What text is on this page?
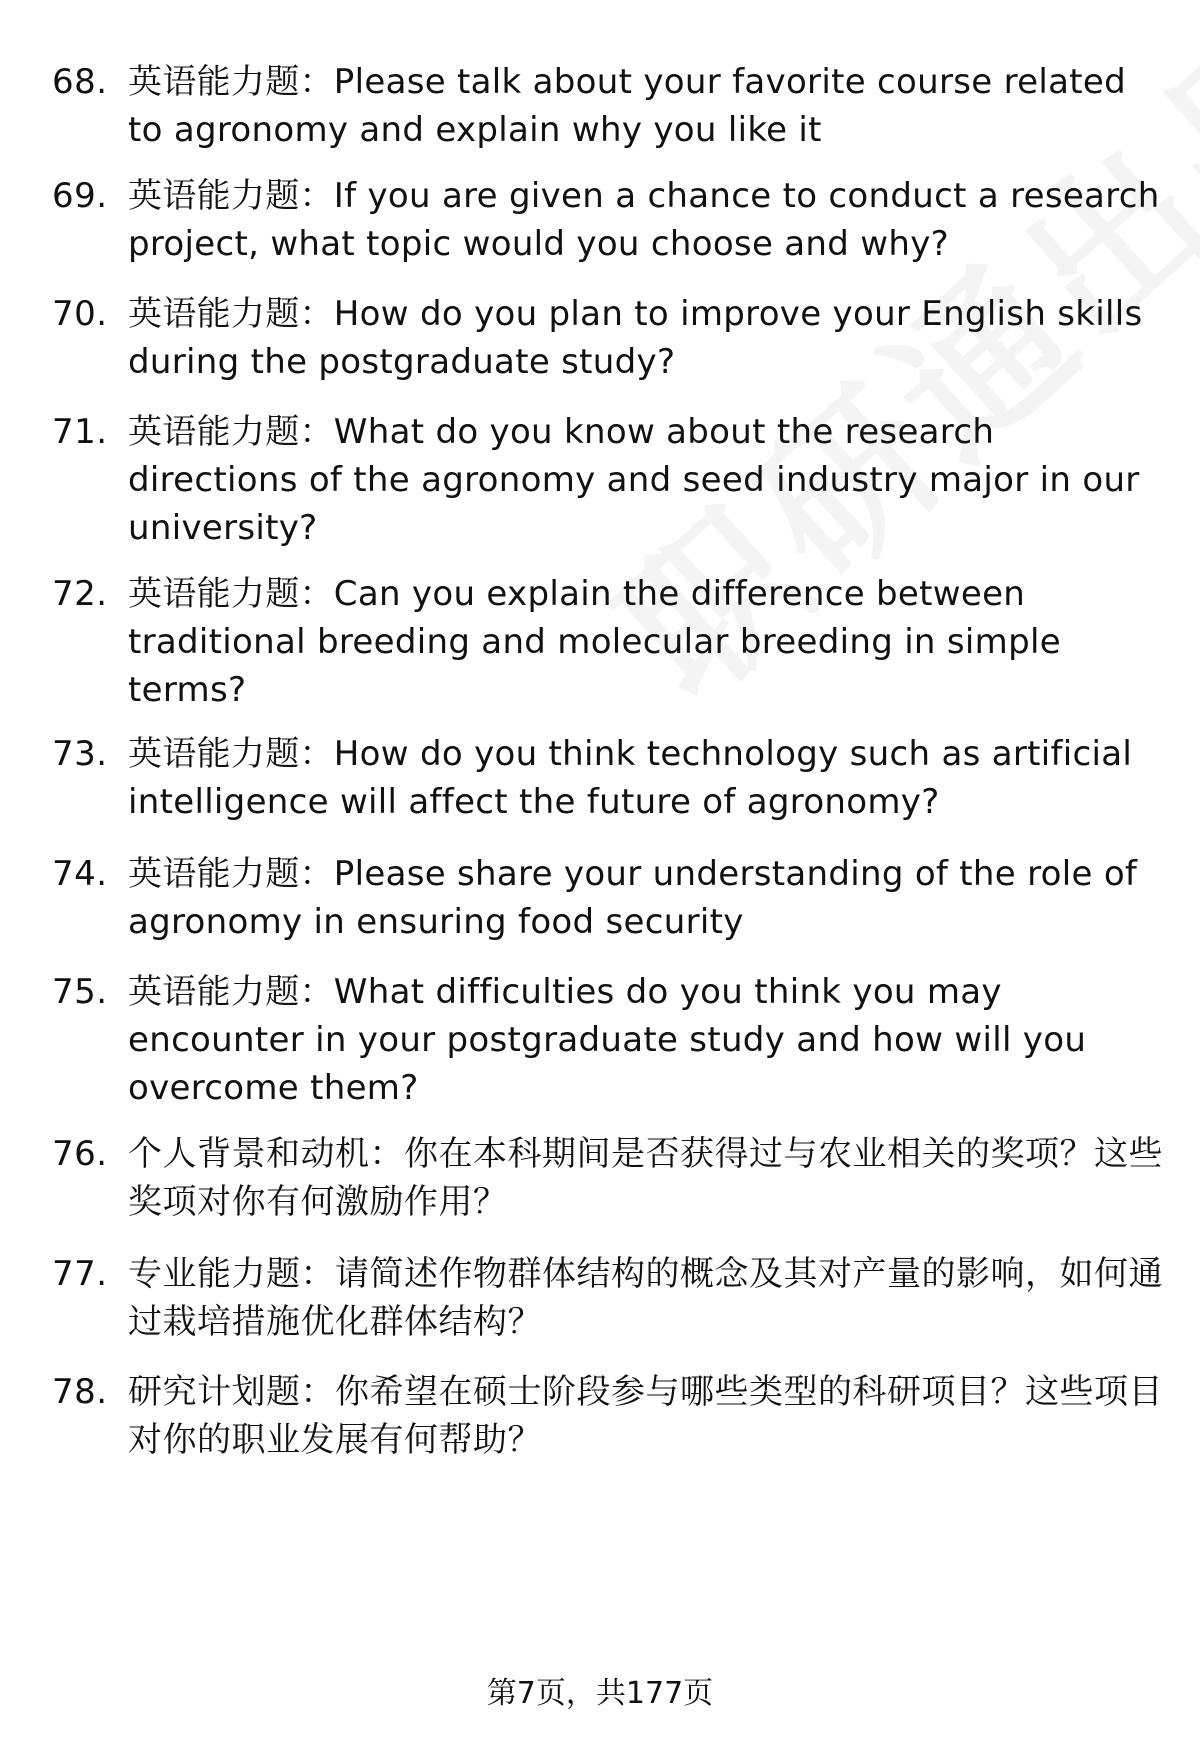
68. 英语能力题：Please talk about your favorite course related to agronomy and explain why you like it
69. 英语能力题：If you are given a chance to conduct a research project, what topic would you choose and why?
70. 英语能力题：How do you plan to improve your English skills during the postgraduate study?
71. 英语能力题：What do you know about the research directions of the agronomy and seed industry major in our university?
72. 英语能力题：Can you explain the difference between traditional breeding and molecular breeding in simple terms?
73. 英语能力题：How do you think technology such as artificial intelligence will affect the future of agronomy?
74. 英语能力题：Please share your understanding of the role of agronomy in ensuring food security
75. 英语能力题：What difficulties do you think you may encounter in your postgraduate study and how will you overcome them?
76. 个人背景和动机：你在本科期间是否获得过与农业相关的奖项？这些奖项对你有何激励作用？
77. 专业能力题：请简述作物群体结构的概念及其对产量的影响，如何通过栽培措施优化群体结构？
78. 研究计划题：你希望在硕士阶段参与哪些类型的科研项目？这些项目对你的职业发展有何帮助？
第7页，共177页
